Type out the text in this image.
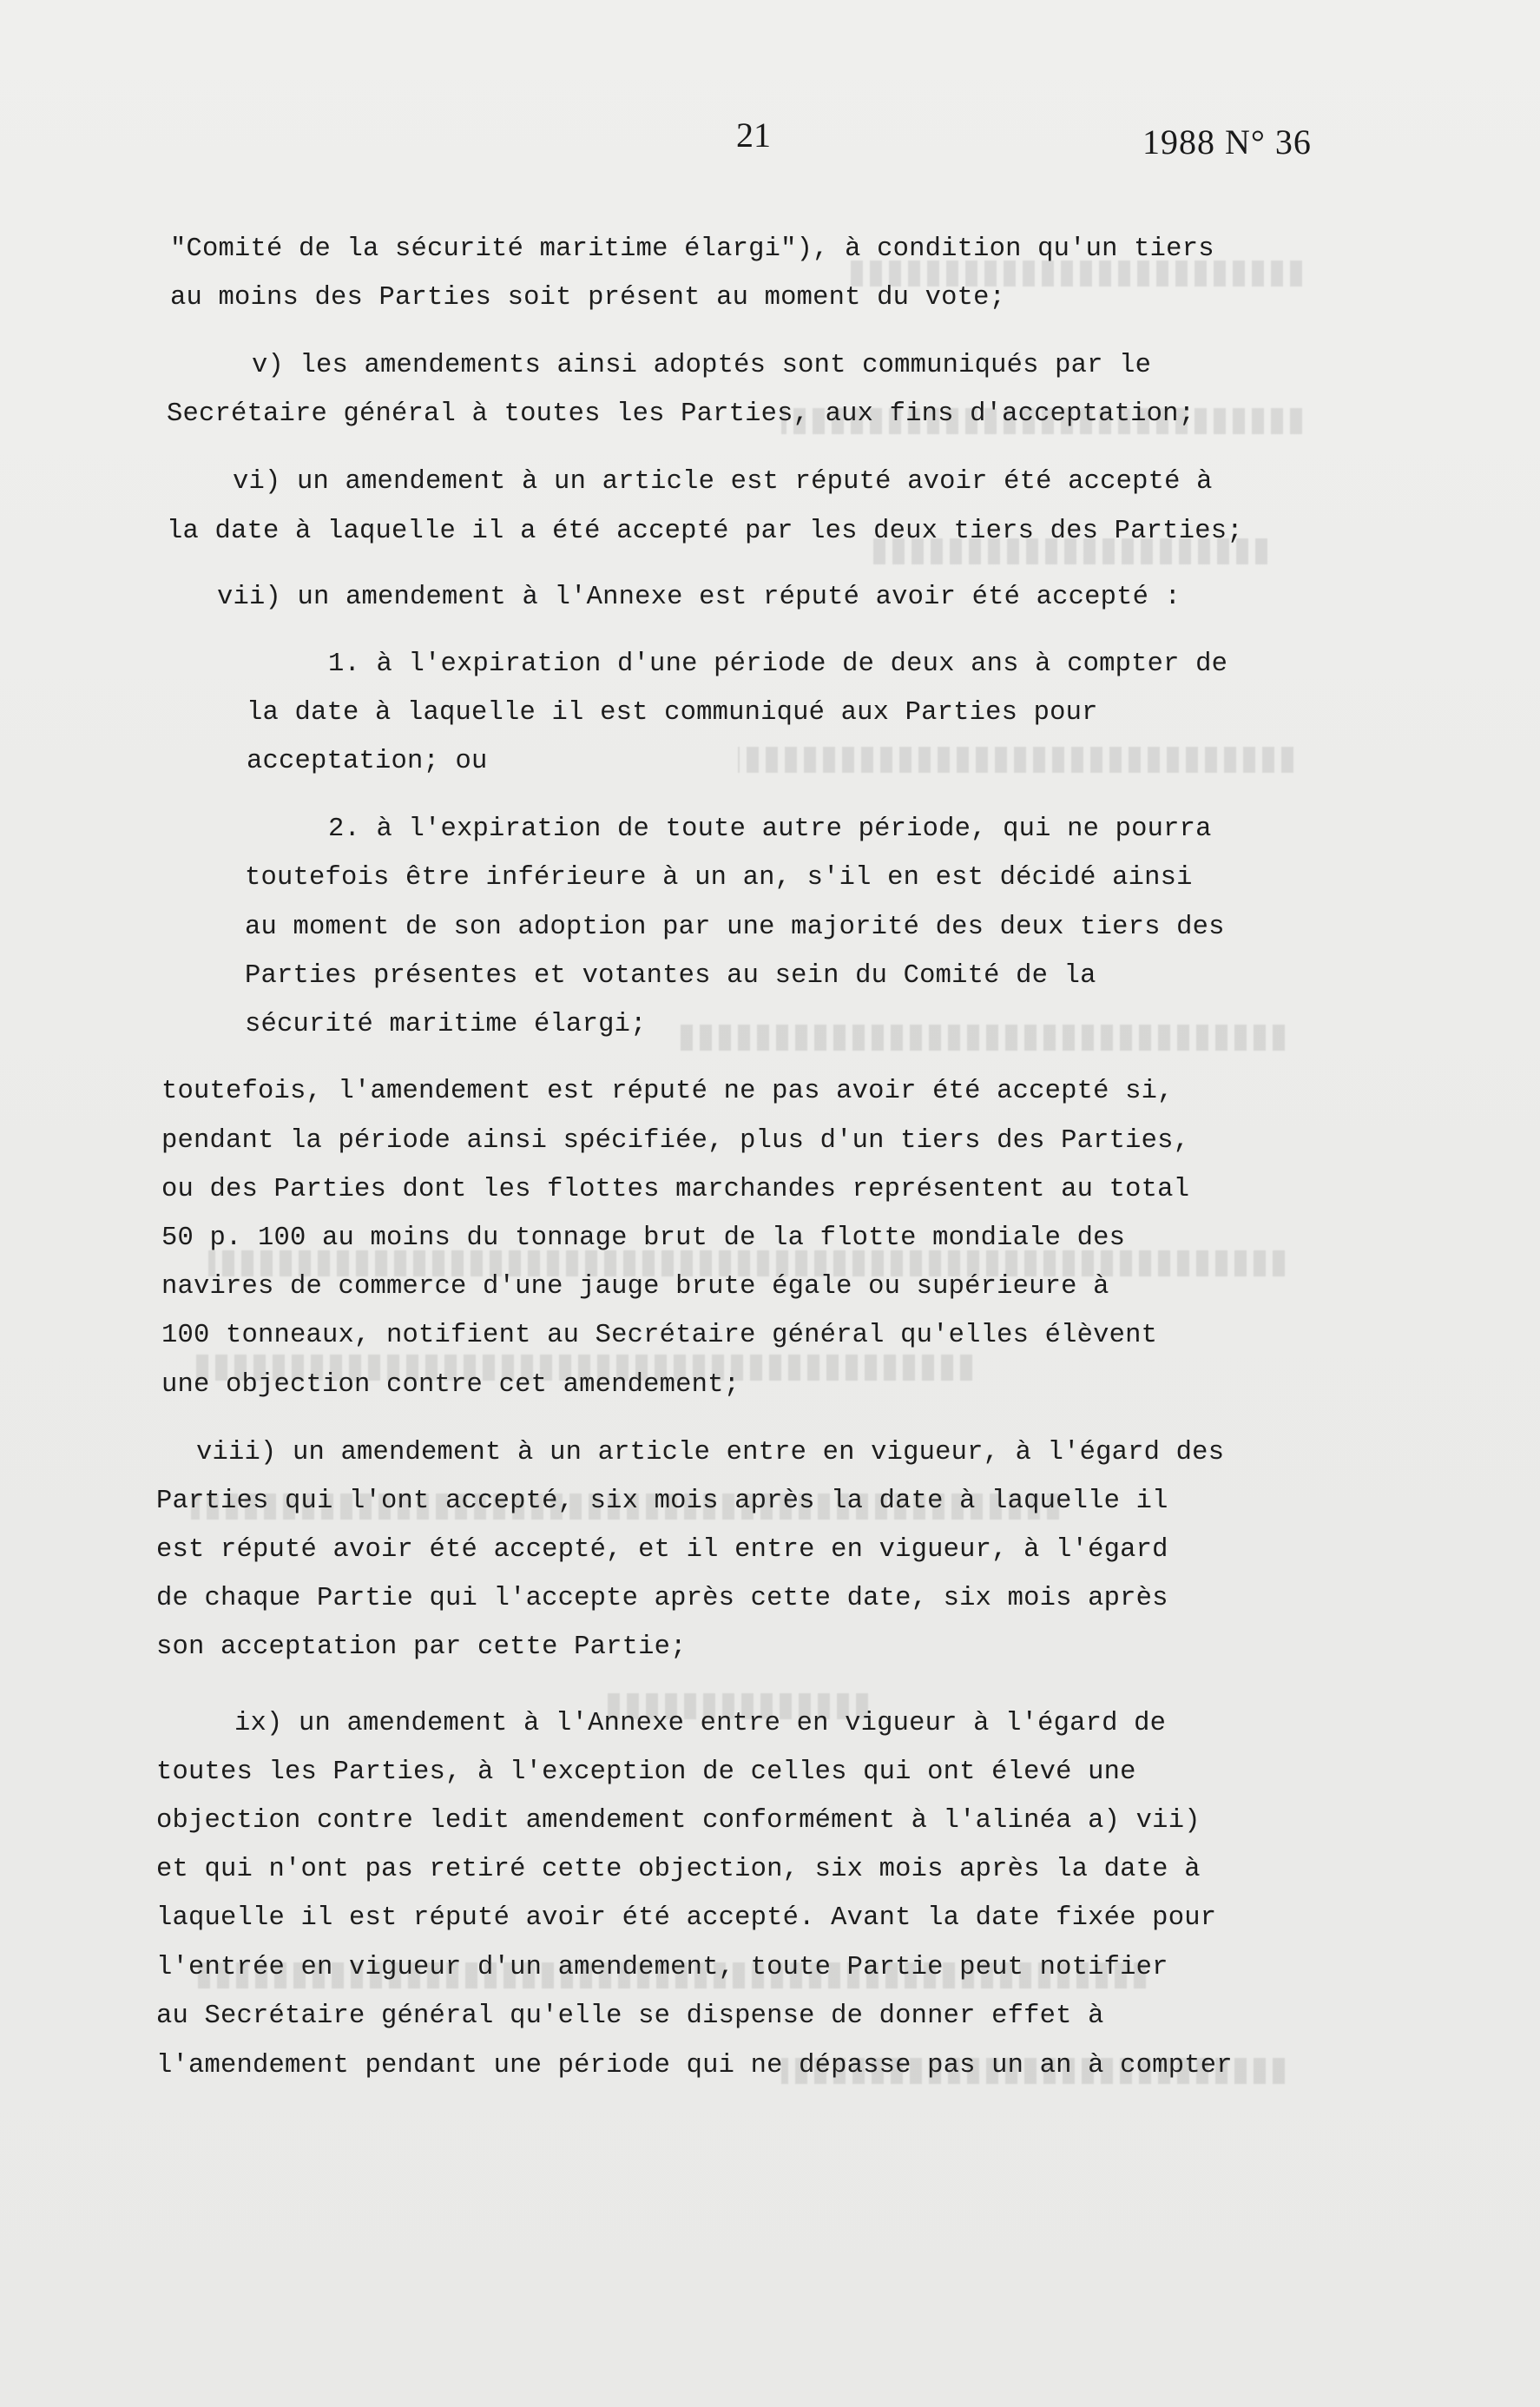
21	1988 N° 36
"Comité de la sécurité maritime élargi"), à condition qu'un tiers
au moins des Parties soit présent au moment du vote;
v) les amendements ainsi adoptés sont communiqués par le
Secrétaire général à toutes les Parties, aux fins d'acceptation;
vi) un amendement à un article est réputé avoir été accepté à
la date à laquelle il a été accepté par les deux tiers des Parties;
vii) un amendement à l'Annexe est réputé avoir été accepté :
1. à l'expiration d'une période de deux ans à compter de
la date à laquelle il est communiqué aux Parties pour
acceptation; ou
2. à l'expiration de toute autre période, qui ne pourra
toutefois être inférieure à un an, s'il en est décidé ainsi
au moment de son adoption par une majorité des deux tiers des
Parties présentes et votantes au sein du Comité de la
sécurité maritime élargi;
toutefois, l'amendement est réputé ne pas avoir été accepté si,
pendant la période ainsi spécifiée, plus d'un tiers des Parties,
ou des Parties dont les flottes marchandes représentent au total
50 p. 100 au moins du tonnage brut de la flotte mondiale des
navires de commerce d'une jauge brute égale ou supérieure à
100 tonneaux, notifient au Secrétaire général qu'elles élèvent
une objection contre cet amendement;
viii) un amendement à un article entre en vigueur, à l'égard des
Parties qui l'ont accepté, six mois après la date à laquelle il
est réputé avoir été accepté, et il entre en vigueur, à l'égard
de chaque Partie qui l'accepte après cette date, six mois après
son acceptation par cette Partie;
ix) un amendement à l'Annexe entre en vigueur à l'égard de
toutes les Parties, à l'exception de celles qui ont élevé une
objection contre ledit amendement conformément à l'alinéa a) vii)
et qui n'ont pas retiré cette objection, six mois après la date à
laquelle il est réputé avoir été accepté. Avant la date fixée pour
l'entrée en vigueur d'un amendement, toute Partie peut notifier
au Secrétaire général qu'elle se dispense de donner effet à
l'amendement pendant une période qui ne dépasse pas un an à compter
